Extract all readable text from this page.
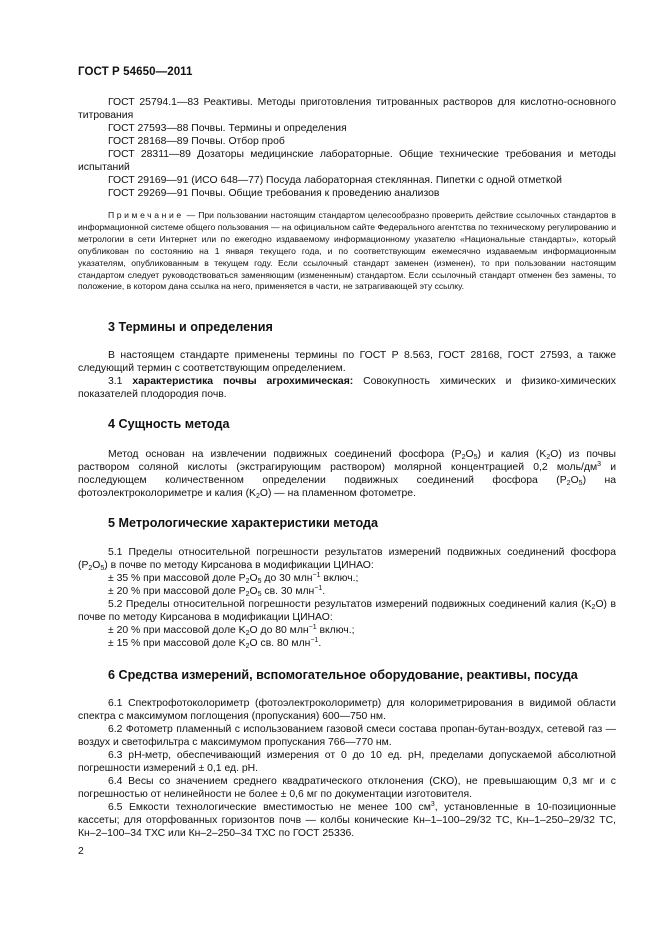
ГОСТ Р 54650—2011

ГОСТ 25794.1—83 Реактивы. Методы приготовления титрованных растворов для кислотно-основного титрования

ГОСТ 27593—88 Почвы. Термины и определения

ГОСТ 28168—89 Почвы. Отбор проб

ГОСТ 28311—89 Дозаторы медицинские лабораторные. Общие технические требования и методы испытаний

ГОСТ 29169—91 (ИСО 648—77) Посуда лабораторная стеклянная. Пипетки с одной отметкой

ГОСТ 29269—91 Почвы. Общие требования к проведению анализов

Примечание — При пользовании настоящим стандартом целесообразно проверить действие ссылочных стандартов в информационной системе общего пользования — на официальном сайте Федерального агентства по техническому регулированию и метрологии в сети Интернет или по ежегодно издаваемому информационному указателю «Национальные стандарты», который опубликован по состоянию на 1 января текущего года, и по соответствующим ежемесячно издаваемым информационным указателям, опубликованным в текущем году. Если ссылочный стандарт заменен (изменен), то при пользовании настоящим стандартом следует руководствоваться заменяющим (измененным) стандартом. Если ссылочный стандарт отменен без замены, то положение, в котором дана ссылка на него, применяется в части, не затрагивающей эту ссылку.

3 Термины и определения

В настоящем стандарте применены термины по ГОСТ Р 8.563, ГОСТ 28168, ГОСТ 27593, а также следующий термин с соответствующим определением.

3.1 характеристика почвы агрохимическая: Совокупность химических и физико-химических показателей плодородия почв.

4 Сущность метода

Метод основан на извлечении подвижных соединений фосфора $(P_2O_5)$ и калия $(K_2O)$ из почвы раствором соляной кислоты (экстрагирующим раствором) молярной концентрацией 0,2 моль/$дм^3$ и последующем количественном определении подвижных соединений фосфора $(P_2O_5)$ на фотоэлектроколориметре и калия $(K_2O)$ — на пламенном фотометре.

5 Метрологические характеристики метода

5.1 Пределы относительной погрешности результатов измерений подвижных соединений фосфора $(P_2O_5)$ в почве по методу Кирсанова в модификации ЦИНАО:

± 35 % при массовой доле $P_2O_5$ до 30 млн$^{-1}$ включ.;

± 20 % при массовой доле $P_2O_5$ св. 30 млн$^{-1}$.

5.2 Пределы относительной погрешности результатов измерений подвижных соединений калия $(K_2O)$ в почве по методу Кирсанова в модификации ЦИНАО:

± 20 % при массовой доле $K_2O$ до 80 млн$^{-1}$ включ.;

± 15 % при массовой доле $K_2O$ св. 80 млн$^{-1}$.

6 Средства измерений, вспомогательное оборудование, реактивы, посуда

6.1 Спектрофотоколориметр (фотоэлектроколориметр) для колориметрирования в видимой области спектра с максимумом поглощения (пропускания) 600—750 нм.

6.2 Фотометр пламенный с использованием газовой смеси состава пропан-бутан-воздух, сетевой газ — воздух и светофильтра с максимумом пропускания 766—770 нм.

6.3 pH-метр, обеспечивающий измерения от 0 до 10 ед. pH, пределами допускаемой абсолютной погрешности измерений ± 0,1 ед. pH.

6.4 Весы со значением среднего квадратического отклонения (СКО), не превышающим 0,3 мг и с погрешностью от нелинейности не более ± 0,6 мг по документации изготовителя.

6.5 Емкости технологические вместимостью не менее 100 $см^3$, установленные в 10-позиционные кассеты; для оторфованных горизонтов почв — колбы конические Кн–1–100–29/32 ТС, Кн–1–250–29/32 ТС, Кн–2–100–34 ТХС или Кн–2–250–34 ТХС по ГОСТ 25336.

2
